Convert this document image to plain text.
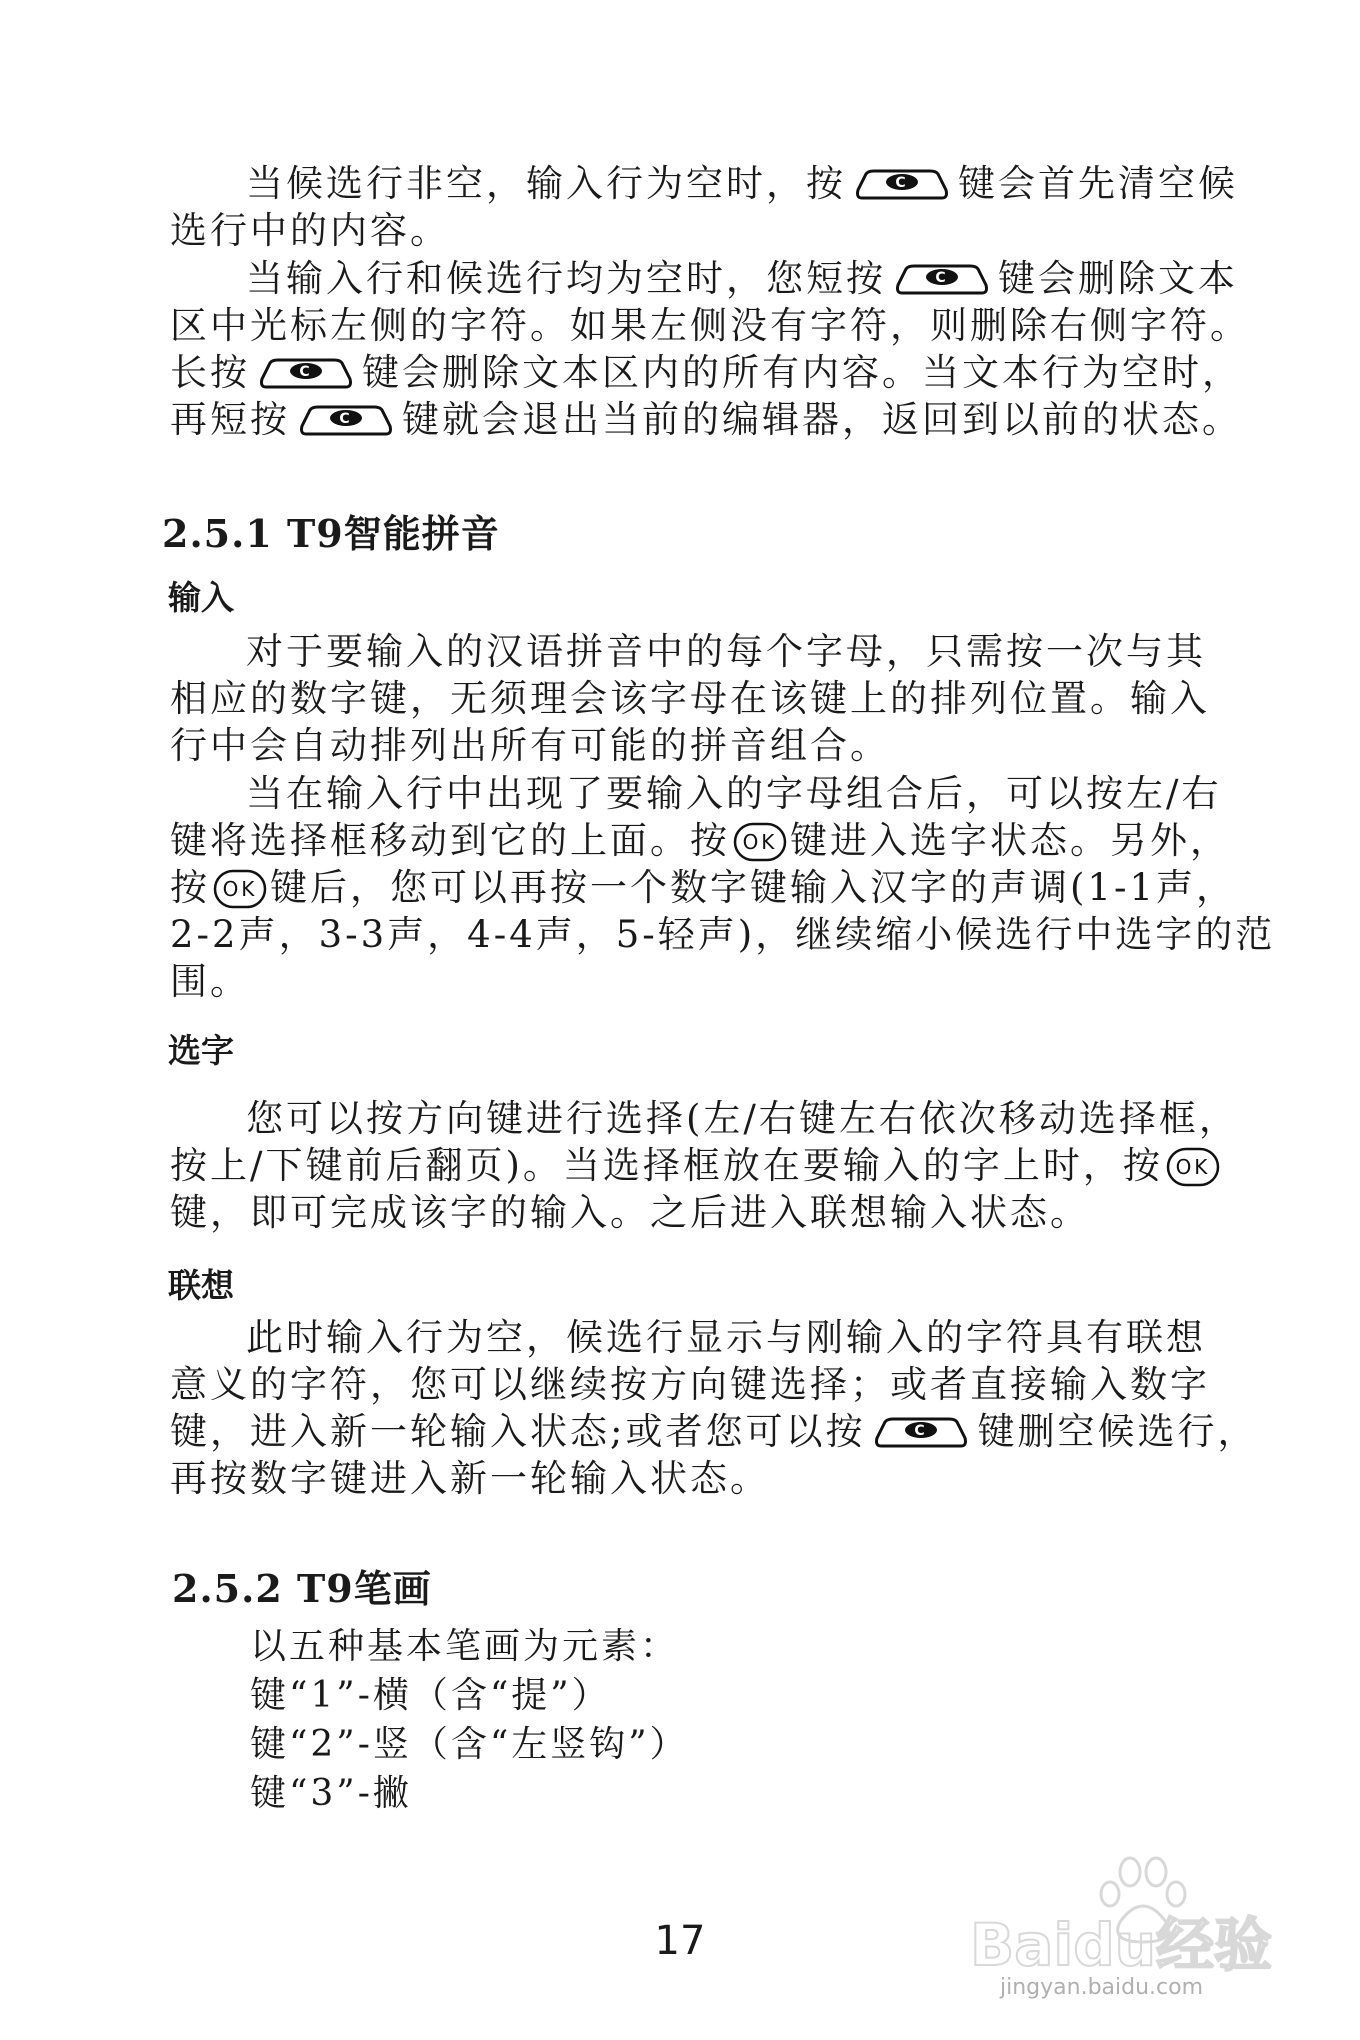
当候选行非空，输入行为空时，按	C 键会首先清空候
选行中的内容。
当输入行和候选行均为空时，您短按	C 键会删除文本
区中光标左侧的字符。如果左侧没有字符，则删除右侧字符。
长按	C 键会删除文本区内的所有内容。当文本行为空时，
再短按	C 键就会退出当前的编辑器，返回到以前的状态。
2.5.1 T9智能拼音
输入
对于要输入的汉语拼音中的每个字母，只需按一次与其
相应的数字键，无须理会该字母在该键上的排列位置。输入
行中会自动排列出所有可能的拼音组合。
当在输入行中出现了要输入的字母组合后，可以按左/右
键将选择框移动到它的上面。按 OK 键进入选字状态。另外，
按 OK 键后，您可以再按一个数字键输入汉字的声调(1-1声，
2-2声，3-3声，4-4声，5-轻声)，继续缩小候选行中选字的范
围。
选字
您可以按方向键进行选择(左/右键左右依次移动选择框，
按上/下键前后翻页)。当选择框放在要输入的字上时，按 OK
键，即可完成该字的输入。之后进入联想输入状态。
联想
此时输入行为空，候选行显示与刚输入的字符具有联想
意义的字符，您可以继续按方向键选择；或者直接输入数字
键，进入新一轮输入状态;或者您可以按	C 键删空候选行，
再按数字键进入新一轮输入状态。
2.5.2 T9笔画
以五种基本笔画为元素：
键“1”-横（含“提”）
键“2”-竖（含“左竖钩”）
键“3”-撇
17	Baidu经验
jingyan.baidu.com
